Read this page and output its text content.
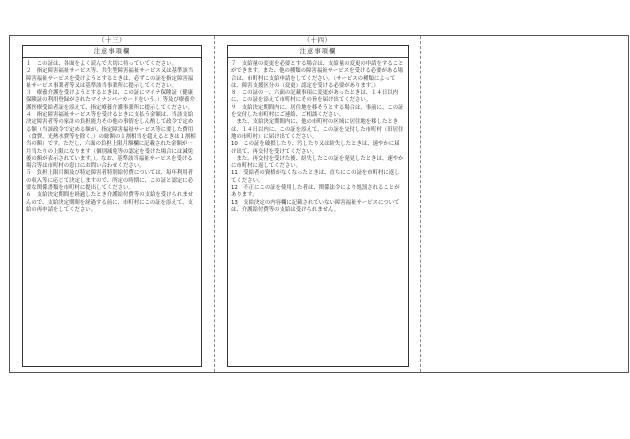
（十三）
注意事項欄
１　この証は、各面をよく読んで大切に持っていてください。
２　指定障害福祉サービス等、共生型障害福祉サービス又は基準該当障害福祉サービスを受けようとするときは、必ずこの証を指定障害福祉サービス事業者等又は基準該当事業所に提示してください。
３　療養介護を受けようとするときは、この証にマイナ保険証（健康保険証の利用登録がされたマイナンバーカードをいう。）等及び療養介護医療受給者証を添えて、指定療養介護事業所に提示してください。
４　指定障害福祉サービス等を受けるときに支払う金額は、当該支給決定障害者等の家計の負担能力その他の事情をしん酌して政令で定める額（当該政令で定める額が、指定障害福祉サービス等に要した費用（食費、光熱水費等を除く。）の総額の１割相当を超えるときは１割相当の額）です。ただし、六面の負担上限月額欄に記載された金額が一月当たりの上限になります（個別減免等の認定を受けた場合には減免後の額が表示されています。）。なお、基準該当福祉サービスを受ける場合等は市町村の窓口にお問い合わせください。
５　負担上限月額及び特定障害者特別給付費については、毎年利用者の収入等に応じて決定しますので、所定の時期に、この証と認定に必要な関係書類を市町村に提出してください。
６　支給決定期間を経過したとき介護給付費等の支給を受けられませんので、支給決定期間を経過する前に、市町村にこの証を添えて、支給の再申請をしてください。
（十四）
注意事項欄
７　支給量の変更を必要とする場合は、支給量の変更の申請をすることができます。また、他の種類の障害福祉サービスを受ける必要がある場合は、市町村に支給申請をしてください。（サービスの種類によっては、障害支援区分の（変更）認定を受ける必要があります。）
８　この証の一、六面の記載事項に変更があったときは、１４日以内に、この証を添えて市町村にその旨を届け出てください。
９　支給決定期間内に、居住地を移そうとする場合は、事前に、この証を交付した市町村にご連絡、ご相談ください。
　また、支給決定期間内に、他の市町村の区域に居住地を移したときは、１４日以内に、この証を添えて、この証を交付した市町村（旧居住地の市町村）に届け出てください。
10　この証を破損したり、汚したり又は紛失したときは、速やかに届け出て、再交付を受けてください。
　また、再交付を受けた後、紛失したこの証を発見したときは、速やかに市町村に返してください。
11　受給者の資格がなくなったときは、直ちにこの証を市町村に返してください。
12　不正にこの証を使用した者は、関係法令により処罰されることがあります。
13　支給決定の内容欄に記載されていない障害福祉サービスについては、介護給付費等の支給は受けられません。
